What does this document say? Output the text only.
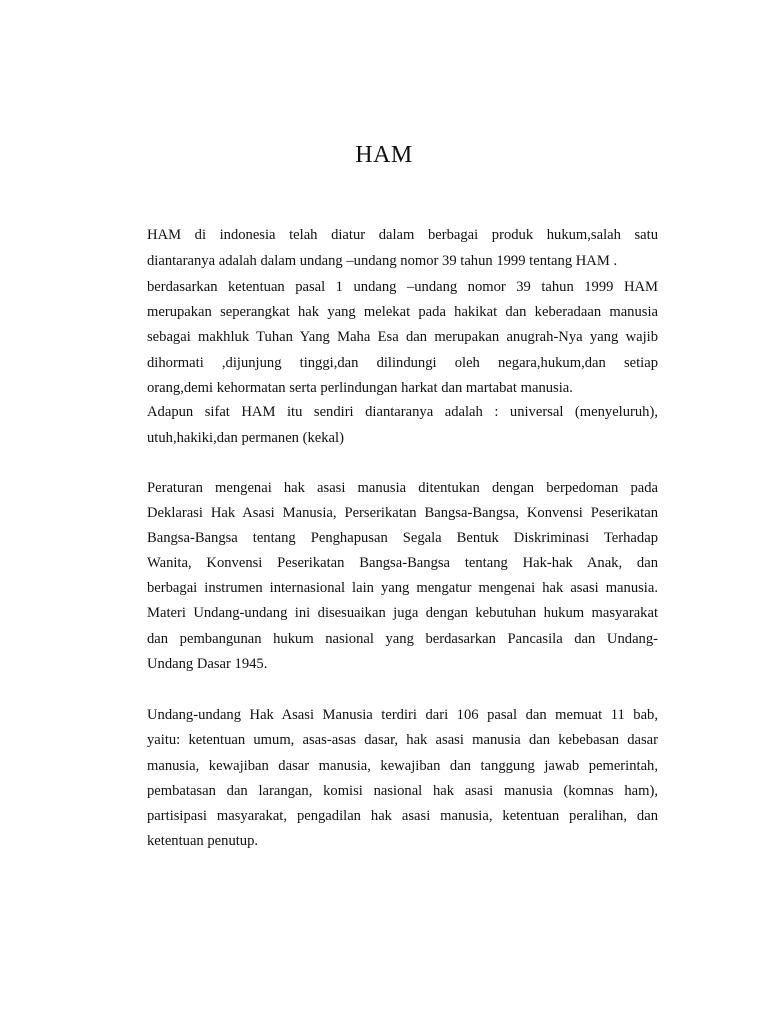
HAM
HAM di indonesia telah diatur dalam berbagai produk hukum,salah satu
diantaranya adalah dalam undang –undang nomor 39 tahun 1999 tentang HAM .
berdasarkan ketentuan pasal 1 undang –undang nomor 39 tahun 1999 HAM
merupakan seperangkat hak yang melekat pada hakikat dan keberadaan manusia
sebagai makhluk Tuhan Yang Maha Esa dan merupakan anugrah-Nya yang wajib
dihormati ,dijunjung tinggi,dan dilindungi oleh negara,hukum,dan setiap
orang,demi kehormatan serta perlindungan harkat dan martabat manusia.
Adapun sifat HAM itu sendiri diantaranya adalah : universal (menyeluruh),
utuh,hakiki,dan permanen (kekal)
Peraturan mengenai hak asasi manusia ditentukan dengan berpedoman pada
Deklarasi Hak Asasi Manusia, Perserikatan Bangsa-Bangsa, Konvensi Peserikatan
Bangsa-Bangsa tentang Penghapusan Segala Bentuk Diskriminasi Terhadap
Wanita, Konvensi Peserikatan Bangsa-Bangsa tentang Hak-hak Anak, dan
berbagai instrumen internasional lain yang mengatur mengenai hak asasi manusia.
Materi Undang-undang ini disesuaikan juga dengan kebutuhan hukum masyarakat
dan pembangunan hukum nasional yang berdasarkan Pancasila dan Undang-
Undang Dasar 1945.
Undang-undang Hak Asasi Manusia terdiri dari 106 pasal dan memuat 11 bab,
yaitu: ketentuan umum, asas-asas dasar, hak asasi manusia dan kebebasan dasar
manusia, kewajiban dasar manusia, kewajiban dan tanggung jawab pemerintah,
pembatasan dan larangan, komisi nasional hak asasi manusia (komnas ham),
partisipasi masyarakat, pengadilan hak asasi manusia, ketentuan peralihan, dan
ketentuan penutup.
